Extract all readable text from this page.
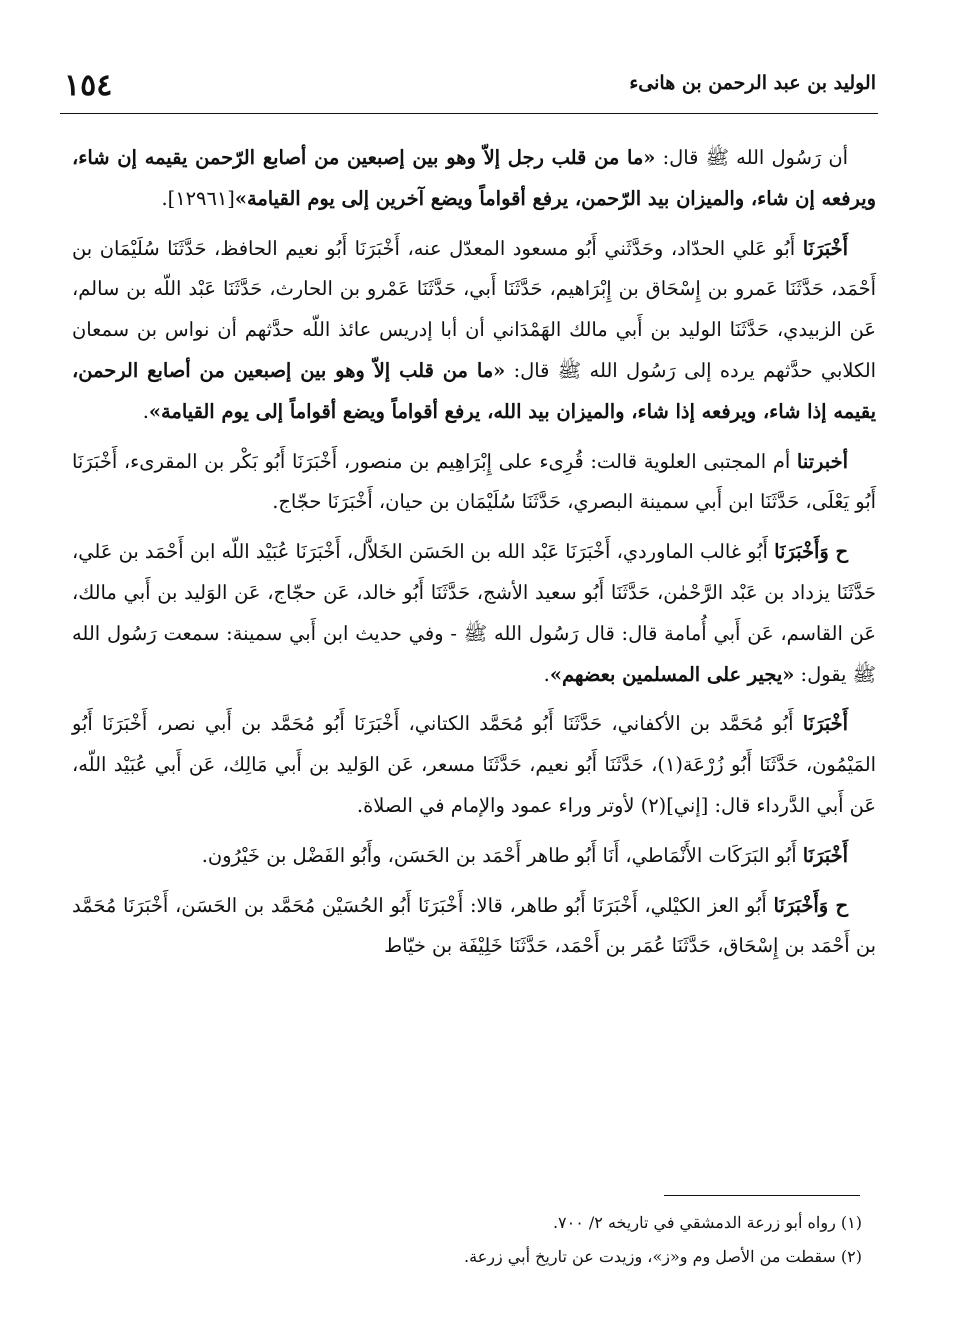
١٥٤	الوليد بن عبد الرحمن بن هانىء

أن رَسُول الله ﷺ قال: «ما من قلب رجل إلاّ وهو بين إصبعين من أصابع الرّحمن يقيمه إن شاء، ويرفعه إن شاء، والميزان بيد الرّحمن، يرفع أقواماً ويضع آخرين إلى يوم القيامة»[١٢٩٦١].

أَخْبَرَنَا أَبُو عَلي الحدّاد، وحَدَّثَني أَبُو مسعود المعدّل عنه، أَخْبَرَنَا أَبُو نعيم الحافظ، حَدَّثَنَا سُلَيْمَان بن أَحْمَد، حَدَّثَنَا عَمرو بن إِسْحَاق بن إِبْرَاهيم، حَدَّثَنَا أَبي، حَدَّثَنَا عَمْرو بن الحارث، حَدَّثَنَا عَبْد اللّه بن سالم، عَن الزبيدي، حَدَّثَنَا الوليد بن أَبي مالك الهَمْدَاني أن أبا إدريس عائذ اللّه حدَّثهم أن نواس بن سمعان الكلابي حدَّثهم يرده إلى رَسُول الله ﷺ قال: «ما من قلب إلاّ وهو بين إصبعين من أصابع الرحمن، يقيمه إذا شاء، ويرفعه إذا شاء، والميزان بيد الله، يرفع أقواماً ويضع أقواماً إلى يوم القيامة».

أخبرتنا أم المجتبى العلوية قالت: قُرِىء على إِبْرَاهِيم بن منصور، أَخْبَرَنَا أَبُو بَكْر بن المقرىء، أَخْبَرَنَا أَبُو يَعْلَى، حَدَّثَنَا ابن أَبي سمينة البصري، حَدَّثَنَا سُلَيْمَان بن حيان، أَخْبَرَنَا حجّاج.

ح وَأَخْبَرَنَا أَبُو غالب الماوردي، أَخْبَرَنَا عَبْد الله بن الحَسَن الخَلاَّل، أَخْبَرَنَا عُبَيْد اللّه ابن أَحْمَد بن عَلي، حَدَّثَنَا يزداد بن عَبْد الرَّحْمٰن، حَدَّثَنَا أَبُو سعيد الأشج، حَدَّثَنَا أَبُو خالد، عَن حجّاج، عَن الوَليد بن أَبي مالك، عَن القاسم، عَن أَبي أُمامة قال: قال رَسُول الله ﷺ - وفي حديث ابن أَبي سمينة: سمعت رَسُول الله ﷺ يقول: «يجير على المسلمين بعضهم».

أَخْبَرَنَا أَبُو مُحَمَّد بن الأكفاني، حَدَّثَنَا أَبُو مُحَمَّد الكتاني، أَخْبَرَنَا أَبُو مُحَمَّد بن أَبي نصر، أَخْبَرَنَا أَبُو المَيْمُون، حَدَّثَنَا أَبُو زُرْعَة(١)، حَدَّثَنَا أَبُو نعيم، حَدَّثَنَا مسعر، عَن الوَليد بن أَبي مَالِك، عَن أَبي عُبَيْد اللّه، عَن أَبي الدَّرداء قال: [إني](٢) لأوتر وراء عمود والإمام في الصلاة.

أَخْبَرَنَا أَبُو البَرَكَات الأَنْمَاطي، أَنَا أَبُو طاهر أَحْمَد بن الحَسَن، وأَبُو الفَضْل بن خَيْرُون.

ح وَأَخْبَرَنَا أَبُو العز الكيْلي، أَخْبَرَنَا أَبُو طاهر، قالا: أَخْبَرَنَا أَبُو الحُسَيْن مُحَمَّد بن الحَسَن، أَخْبَرَنَا مُحَمَّد بن أَحْمَد بن إِسْحَاق، حَدَّثَنَا عُمَر بن أَحْمَد، حَدَّثَنَا خَلِيْفَة بن خيّاط

(١) رواه أبو زرعة الدمشقي في تاريخه ٢/ ٧٠٠.

(٢) سقطت من الأصل وم و«ز»، وزيدت عن تاريخ أبي زرعة.
